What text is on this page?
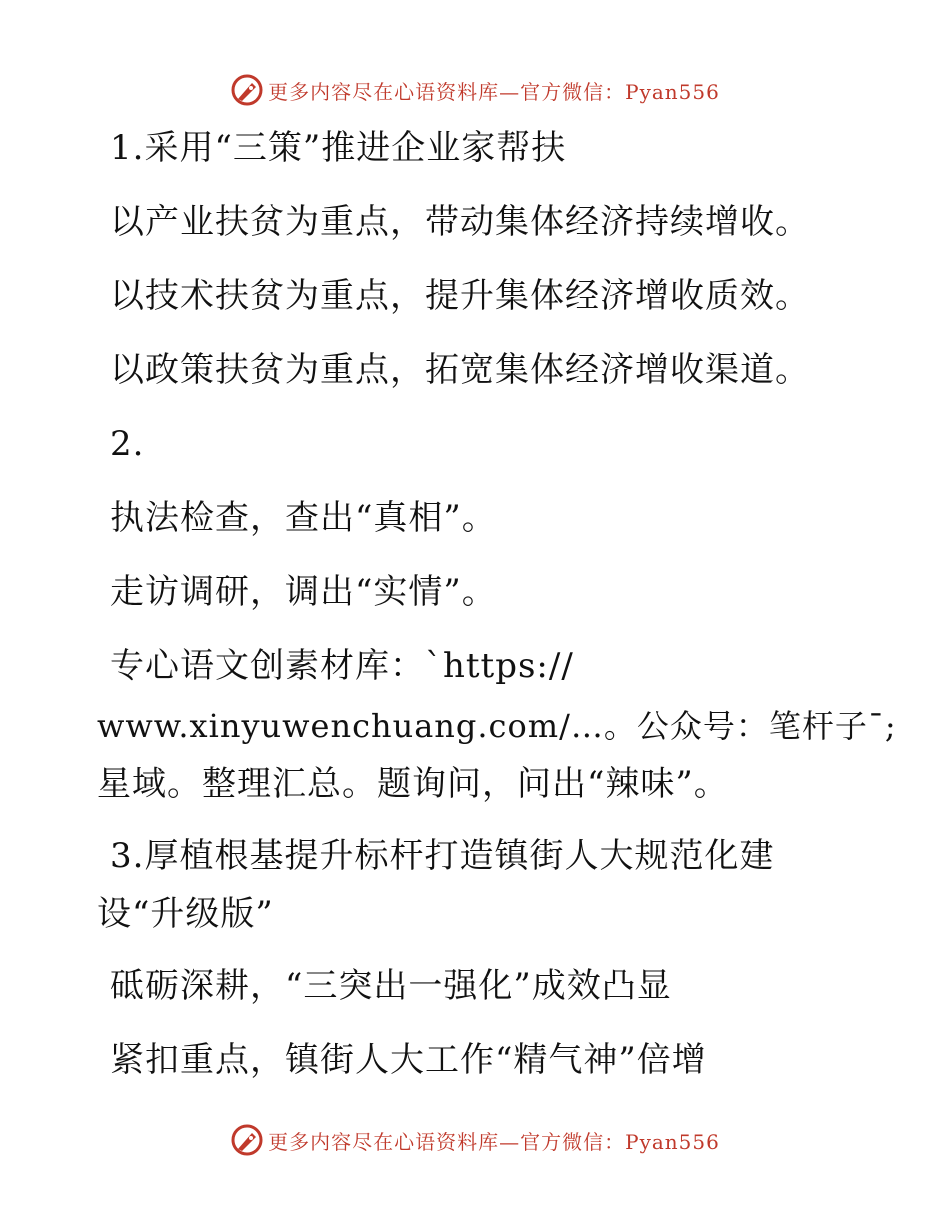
更多内容尽在心语资料库—官方微信：Pyan556
1.采用“三策”推进企业家帮扶
以产业扶贫为重点，带动集体经济持续增收。
以技术扶贫为重点，提升集体经济增收质效。
以政策扶贫为重点，拓宽集体经济增收渠道。
2.
执法检查，查出“真相”。
走访调研，调出“实情”。
专心语文创素材库：`https://
www.xinyuwenchuang.com/…。公众号：笔杆子¯;
星域。整理汇总。题询问，问出“辣味”。
3.厚植根基提升标杆打造镇街人大规范化建
设“升级版”
砥砺深耕，“三突出一强化”成效凸显
紧扣重点，镇街人大工作“精气神”倍增
更多内容尽在心语资料库—官方微信：Pyan556
